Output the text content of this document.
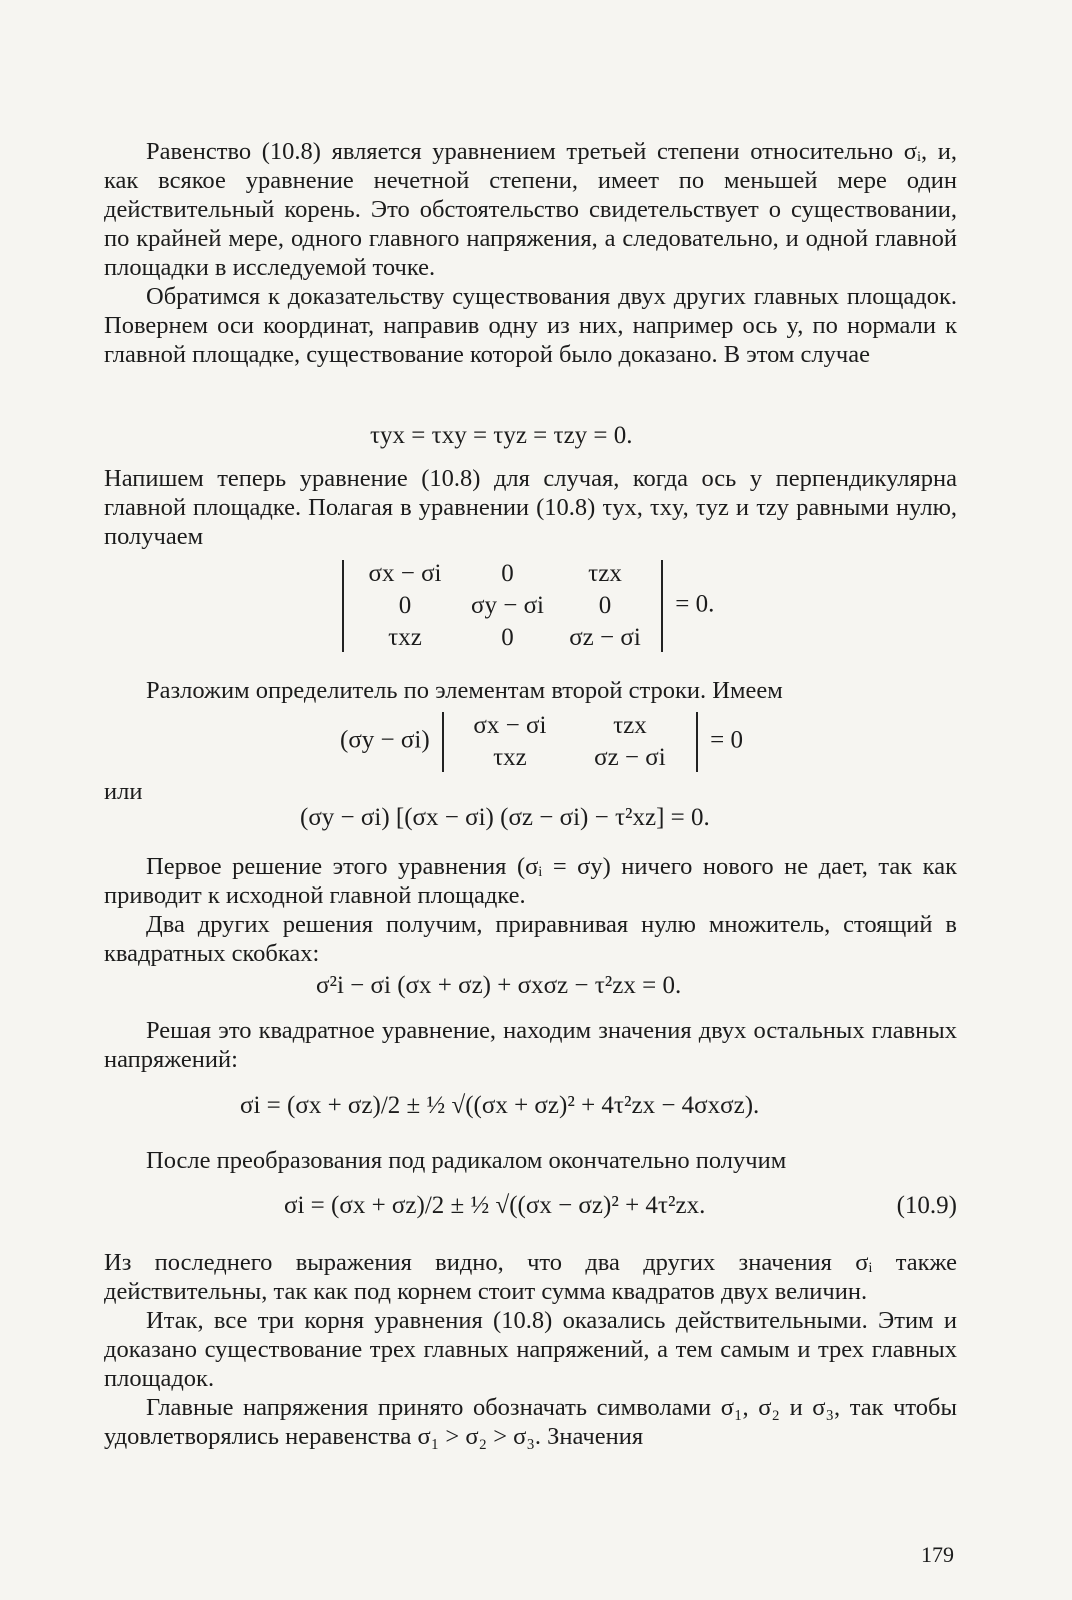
Равенство (10.8) является уравнением третьей степени относительно σᵢ, и, как всякое уравнение нечетной степени, имеет по меньшей мере один действительный корень. Это обстоятельство свидетельствует о существовании, по крайней мере, одного главного напряжения, а следовательно, и одной главной площадки в исследуемой точке.

Обратимся к доказательству существования двух других главных площадок. Повернем оси координат, направив одну из них, например ось y, по нормали к главной площадке, существование которой было доказано. В этом случае

τyx = τxy = τyz = τzy = 0.

Напишем теперь уравнение (10.8) для случая, когда ось y перпендикулярна главной площадке. Полагая в уравнении (10.8) τyx, τxy, τyz и τzy равными нулю, получаем

σx − σi	0	τzx
0	σy − σi	0
τxz	0	σz − σi
= 0.

Разложим определитель по элементам второй строки. Имеем

(σy − σi)
σx − σi	τzx
τxz	σz − σi
= 0
или
(σy − σi) [(σx − σi) (σz − σi) − τ²xz] = 0.

Первое решение этого уравнения (σᵢ = σy) ничего нового не дает, так как приводит к исходной главной площадке.

Два других решения получим, приравнивая нулю множитель, стоящий в квадратных скобках:

σ²i − σi (σx + σz) + σxσz − τ²zx = 0.

Решая это квадратное уравнение, находим значения двух остальных главных напряжений:

σi = (σx + σz)/2 ± ½ √((σx + σz)² + 4τ²zx − 4σxσz).

После преобразования под радикалом окончательно получим

σi = (σx + σz)/2 ± ½ √((σx − σz)² + 4τ²zx.	(10.9)

Из последнего выражения видно, что два других значения σᵢ также действительны, так как под корнем стоит сумма квадратов двух величин.

Итак, все три корня уравнения (10.8) оказались действительными. Этим и доказано существование трех главных напряжений, а тем самым и трех главных площадок.

Главные напряжения принято обозначать символами σ₁, σ₂ и σ₃, так чтобы удовлетворялись неравенства σ₁ > σ₂ > σ₃. Значения

179
